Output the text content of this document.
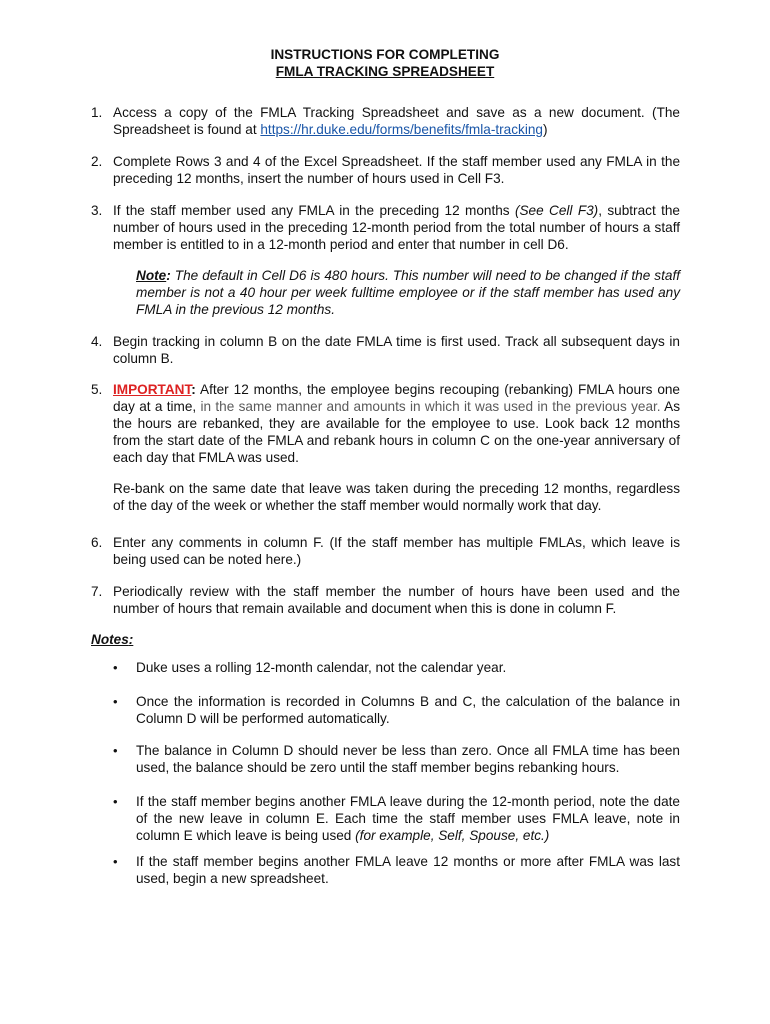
INSTRUCTIONS FOR COMPLETING
FMLA TRACKING SPREADSHEET
1. Access a copy of the FMLA Tracking Spreadsheet and save as a new document. (The Spreadsheet is found at https://hr.duke.edu/forms/benefits/fmla-tracking)
2. Complete Rows 3 and 4 of the Excel Spreadsheet. If the staff member used any FMLA in the preceding 12 months, insert the number of hours used in Cell F3.
3. If the staff member used any FMLA in the preceding 12 months (See Cell F3), subtract the number of hours used in the preceding 12-month period from the total number of hours a staff member is entitled to in a 12-month period and enter that number in cell D6.
Note: The default in Cell D6 is 480 hours. This number will need to be changed if the staff member is not a 40 hour per week fulltime employee or if the staff member has used any FMLA in the previous 12 months.
4. Begin tracking in column B on the date FMLA time is first used. Track all subsequent days in column B.
5. IMPORTANT: After 12 months, the employee begins recouping (rebanking) FMLA hours one day at a time, in the same manner and amounts in which it was used in the previous year. As the hours are rebanked, they are available for the employee to use. Look back 12 months from the start date of the FMLA and rebank hours in column C on the one-year anniversary of each day that FMLA was used.
Re-bank on the same date that leave was taken during the preceding 12 months, regardless of the day of the week or whether the staff member would normally work that day.
6. Enter any comments in column F. (If the staff member has multiple FMLAs, which leave is being used can be noted here.)
7. Periodically review with the staff member the number of hours have been used and the number of hours that remain available and document when this is done in column F.
Notes:
• Duke uses a rolling 12-month calendar, not the calendar year.
• Once the information is recorded in Columns B and C, the calculation of the balance in Column D will be performed automatically.
• The balance in Column D should never be less than zero. Once all FMLA time has been used, the balance should be zero until the staff member begins rebanking hours.
• If the staff member begins another FMLA leave during the 12-month period, note the date of the new leave in column E. Each time the staff member uses FMLA leave, note in column E which leave is being used (for example, Self, Spouse, etc.)
• If the staff member begins another FMLA leave 12 months or more after FMLA was last used, begin a new spreadsheet.
